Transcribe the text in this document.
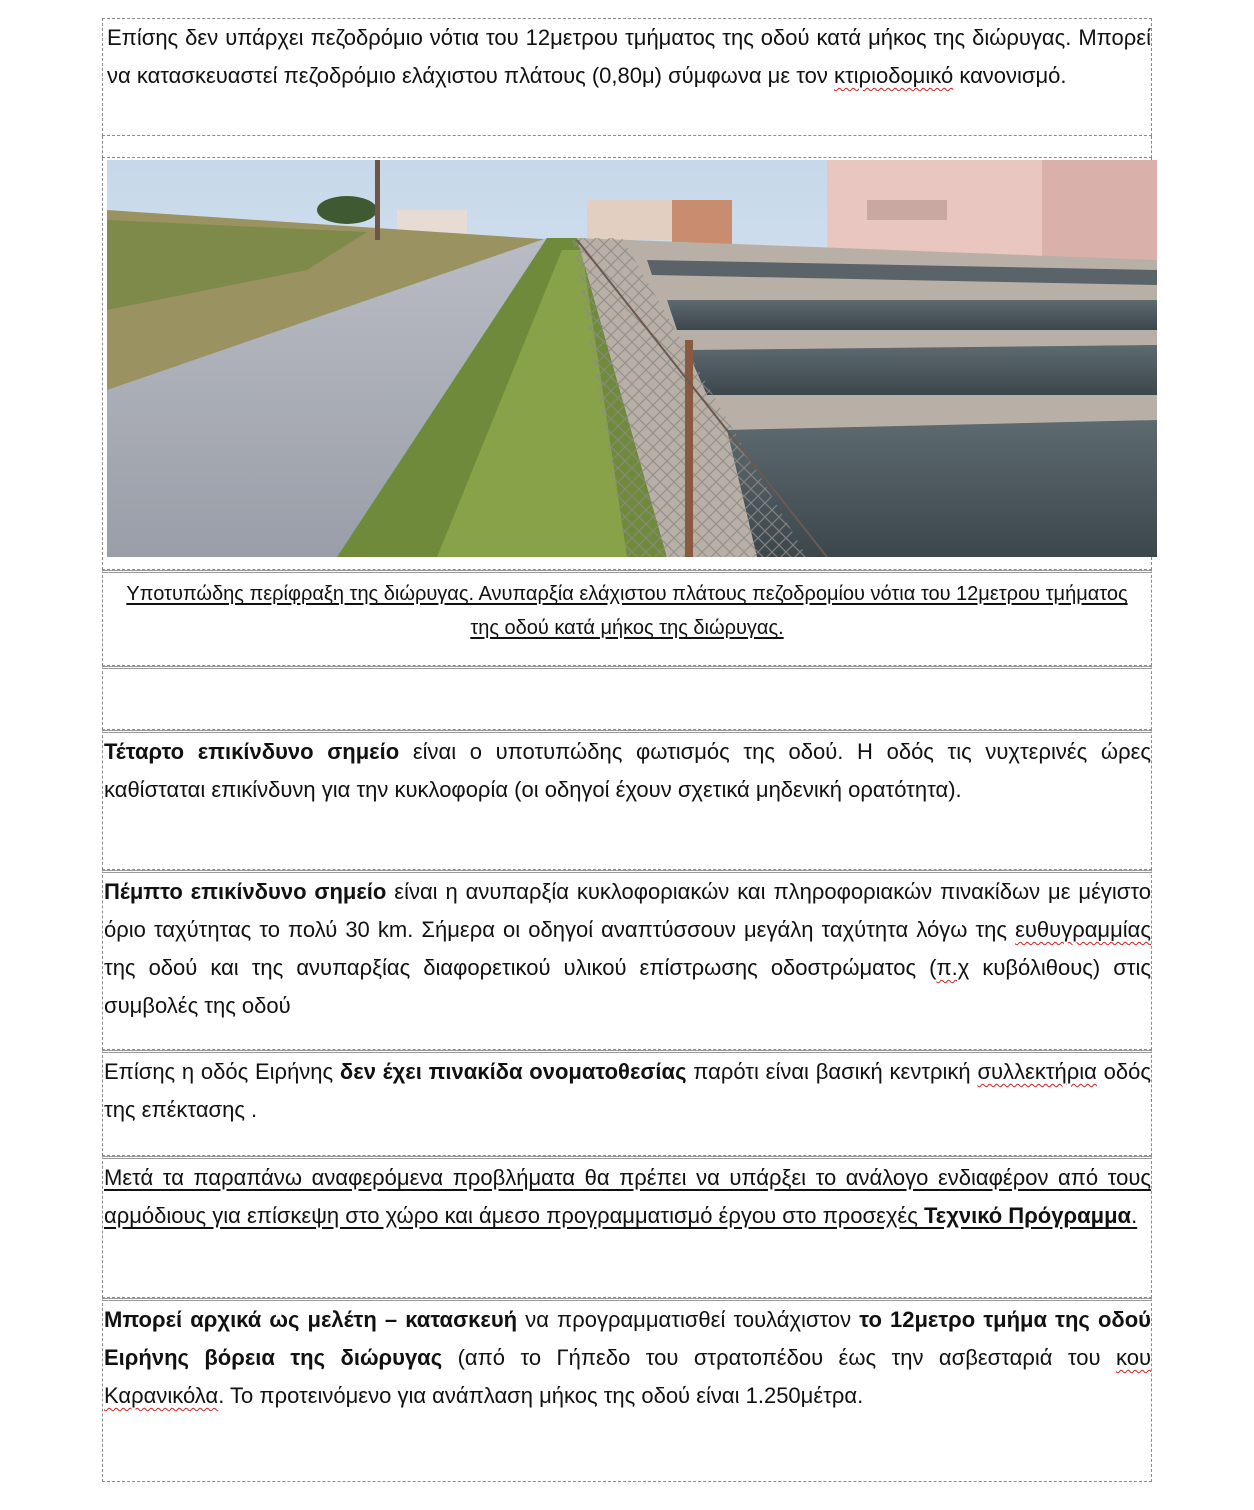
Επίσης δεν υπάρχει πεζοδρόμιο νότια του 12μετρου τμήματος της οδού κατά μήκος της διώρυγας. Μπορεί να κατασκευαστεί πεζοδρόμιο ελάχιστου πλάτους (0,80μ) σύμφωνα με τον κτιριοδομικό κανονισμό.
Υποτυπώδης περίφραξη της διώρυγας. Ανυπαρξία ελάχιστου πλάτους πεζοδρομίου νότια του 12μετρου τμήματος της οδού κατά μήκος της διώρυγας.
Τέταρτο επικίνδυνο σημείο είναι ο υποτυπώδης φωτισμός της οδού. Η οδός τις νυχτερινές ώρες καθίσταται επικίνδυνη για την κυκλοφορία (οι οδηγοί έχουν σχετικά μηδενική ορατότητα).
Πέμπτο επικίνδυνο σημείο είναι η ανυπαρξία κυκλοφοριακών και πληροφοριακών πινακίδων με μέγιστο όριο ταχύτητας το πολύ 30 km. Σήμερα οι οδηγοί αναπτύσσουν μεγάλη ταχύτητα λόγω της ευθυγραμμίας της οδού και της ανυπαρξίας διαφορετικού υλικού επίστρωσης οδοστρώματος (π.χ κυβόλιθους) στις συμβολές της οδού
Επίσης η οδός Ειρήνης δεν έχει πινακίδα ονοματοθεσίας παρότι είναι βασική κεντρική συλλεκτήρια οδός της επέκτασης .
Μετά τα παραπάνω αναφερόμενα προβλήματα θα πρέπει να υπάρξει το ανάλογο ενδιαφέρον από τους αρμόδιους για επίσκεψη στο χώρο και άμεσο προγραμματισμό έργου στο προσεχές Τεχνικό Πρόγραμμα.
Μπορεί αρχικά ως μελέτη – κατασκευή να προγραμματισθεί τουλάχιστον το 12μετρο τμήμα της οδού Ειρήνης βόρεια της διώρυγας (από το Γήπεδο του στρατοπέδου έως την ασβεσταριά του κου Καρανικόλα. Το προτεινόμενο για ανάπλαση μήκος της οδού είναι 1.250μέτρα.
